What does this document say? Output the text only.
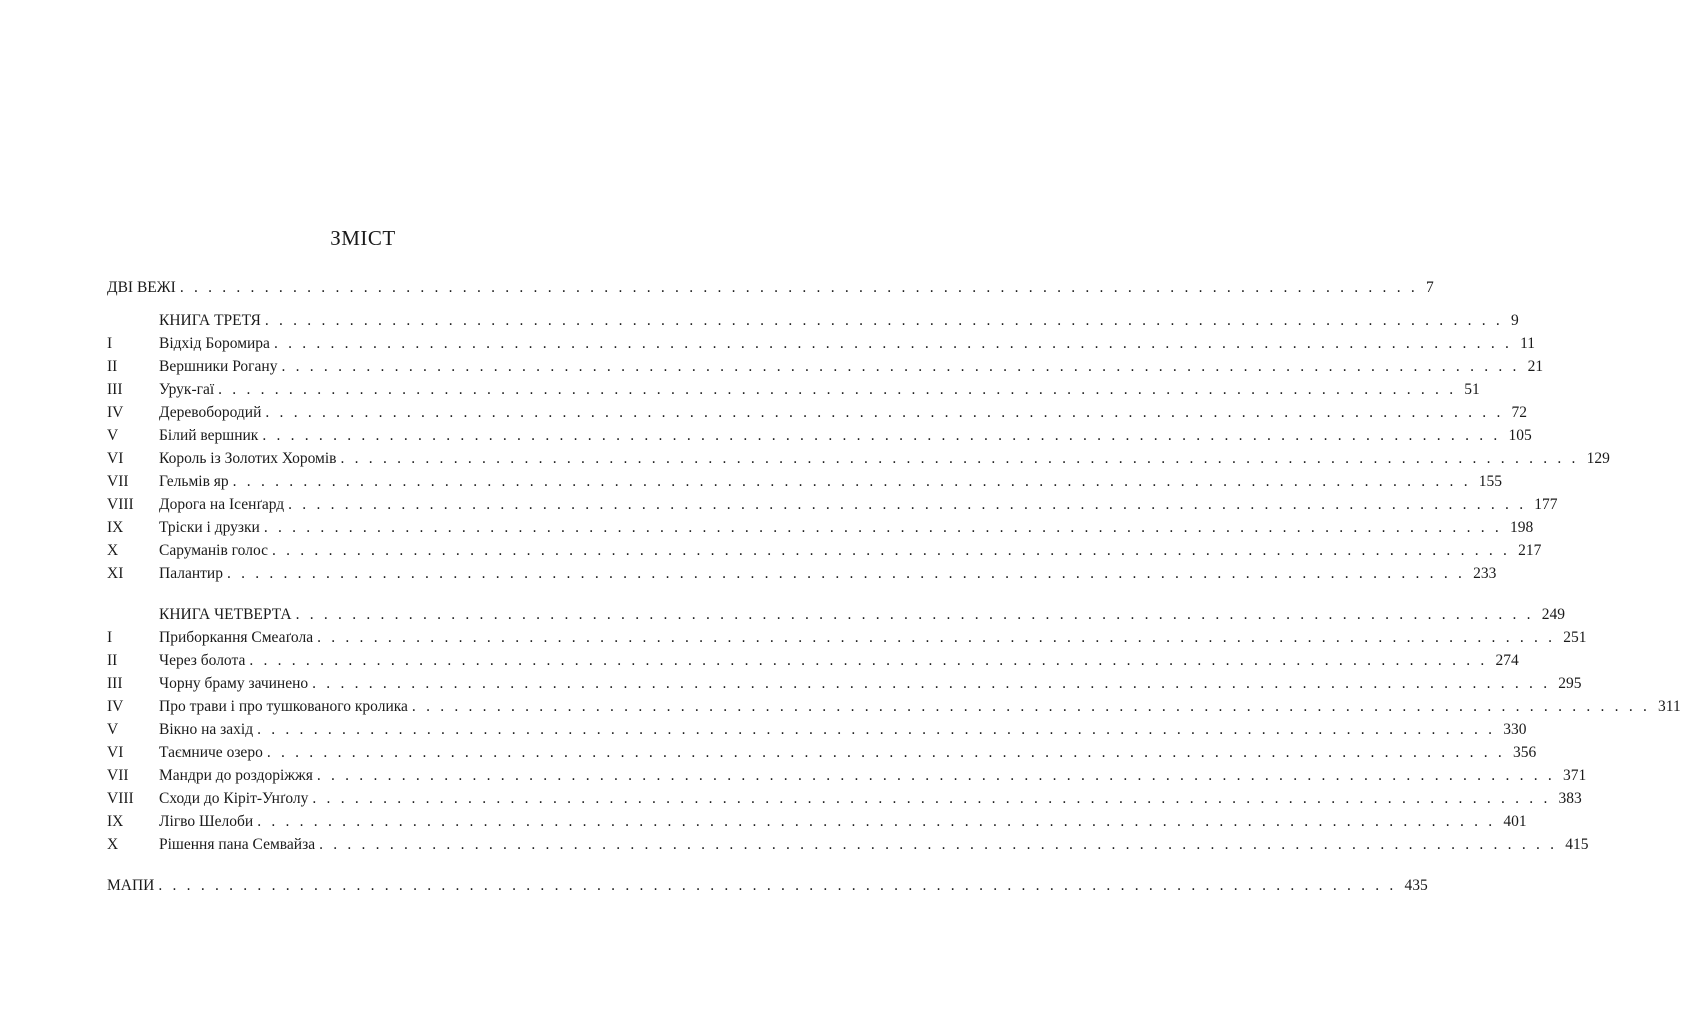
ЗМІСТ
ДВІ ВЕЖІ . . . . . . . . . . . . . . . . . . . . . . . . . . . . . . . . . . . . . . . . . . . . . . . . . . . . . . . . . . . . . . . . . . . . . . . . . . . . . . . . . . . . . . . . 7
КНИГА ТРЕТЯ . . . . . . . . . . . . . . . . . . . . . . . . . . . . . . . . . . . . . . . . . . . . . . . . . . . . . . . . . . . . . . . . . . . . . . . . . . . . . . . . . . . . . . . . 9
I	Відхід Боромира . . . . . . . . . . . . . . . . . . . . . . . . . . . . . . . . . . . . . . . . . . . . . . . . . . . . . . . . . . . . . . . . . . . . . . . . . . . . . . . . . . . . . . . . 11
II	Вершники Рогану . . . . . . . . . . . . . . . . . . . . . . . . . . . . . . . . . . . . . . . . . . . . . . . . . . . . . . . . . . . . . . . . . . . . . . . . . . . . . . . . . . . . . . . . 21
III Урук-гаї . . . . . . . . . . . . . . . . . . . . . . . . . . . . . . . . . . . . . . . . . . . . . . . . . . . . . . . . . . . . . . . . . . . . . . . . . . . . . . . . . . . . . . . . 51
IV Деревобородий . . . . . . . . . . . . . . . . . . . . . . . . . . . . . . . . . . . . . . . . . . . . . . . . . . . . . . . . . . . . . . . . . . . . . . . . . . . . . . . . . . . . . . . . 72
V	Білий вершник . . . . . . . . . . . . . . . . . . . . . . . . . . . . . . . . . . . . . . . . . . . . . . . . . . . . . . . . . . . . . . . . . . . . . . . . . . . . . . . . . . . . . . . . 105
VI Король із Золотих Хоромів . . . . . . . . . . . . . . . . . . . . . . . . . . . . . . . . . . . . . . . . . . . . . . . . . . . . . . . . . . . . . . . . . . . . . . . . . . . . . . . . . . . . . . . . 129
VII Гельмів яр . . . . . . . . . . . . . . . . . . . . . . . . . . . . . . . . . . . . . . . . . . . . . . . . . . . . . . . . . . . . . . . . . . . . . . . . . . . . . . . . . . . . . . . . 155
VIII Дорога на Ісенґард . . . . . . . . . . . . . . . . . . . . . . . . . . . . . . . . . . . . . . . . . . . . . . . . . . . . . . . . . . . . . . . . . . . . . . . . . . . . . . . . . . . . . . . . 177
IX Тріски і друзки . . . . . . . . . . . . . . . . . . . . . . . . . . . . . . . . . . . . . . . . . . . . . . . . . . . . . . . . . . . . . . . . . . . . . . . . . . . . . . . . . . . . . . . . 198
X	Саруманів голос . . . . . . . . . . . . . . . . . . . . . . . . . . . . . . . . . . . . . . . . . . . . . . . . . . . . . . . . . . . . . . . . . . . . . . . . . . . . . . . . . . . . . . . . 217
XI Палантир . . . . . . . . . . . . . . . . . . . . . . . . . . . . . . . . . . . . . . . . . . . . . . . . . . . . . . . . . . . . . . . . . . . . . . . . . . . . . . . . . . . . . . . . 233
КНИГА ЧЕТВЕРТА . . . . . . . . . . . . . . . . . . . . . . . . . . . . . . . . . . . . . . . . . . . . . . . . . . . . . . . . . . . . . . . . . . . . . . . . . . . . . . . . . . . . . . . . 249
I	Приборкання Смеаґола . . . . . . . . . . . . . . . . . . . . . . . . . . . . . . . . . . . . . . . . . . . . . . . . . . . . . . . . . . . . . . . . . . . . . . . . . . . . . . . . . . . . . . . . 251
II	Через болота . . . . . . . . . . . . . . . . . . . . . . . . . . . . . . . . . . . . . . . . . . . . . . . . . . . . . . . . . . . . . . . . . . . . . . . . . . . . . . . . . . . . . . . . 274
III Чорну браму зачинено . . . . . . . . . . . . . . . . . . . . . . . . . . . . . . . . . . . . . . . . . . . . . . . . . . . . . . . . . . . . . . . . . . . . . . . . . . . . . . . . . . . . . . . . 295
IV Про трави і про тушкованого кролика . . . . . . . . . . . . . . . . . . . . . . . . . . . . . . . . . . . . . . . . . . . . . . . . . . . . . . . . . . . . . . . . . . . . . . . . . . . . . . . . . . . . . . . . 311
V	Вікно на захід . . . . . . . . . . . . . . . . . . . . . . . . . . . . . . . . . . . . . . . . . . . . . . . . . . . . . . . . . . . . . . . . . . . . . . . . . . . . . . . . . . . . . . . . 330
VI Таємниче озеро . . . . . . . . . . . . . . . . . . . . . . . . . . . . . . . . . . . . . . . . . . . . . . . . . . . . . . . . . . . . . . . . . . . . . . . . . . . . . . . . . . . . . . . . 356
VII Мандри до роздоріжжя . . . . . . . . . . . . . . . . . . . . . . . . . . . . . . . . . . . . . . . . . . . . . . . . . . . . . . . . . . . . . . . . . . . . . . . . . . . . . . . . . . . . . . . . 371
VIII Сходи до Кіріт-Унґолу . . . . . . . . . . . . . . . . . . . . . . . . . . . . . . . . . . . . . . . . . . . . . . . . . . . . . . . . . . . . . . . . . . . . . . . . . . . . . . . . . . . . . . . . 383
IX Лігво Шелоби . . . . . . . . . . . . . . . . . . . . . . . . . . . . . . . . . . . . . . . . . . . . . . . . . . . . . . . . . . . . . . . . . . . . . . . . . . . . . . . . . . . . . . . . 401
X	Рішення пана Семвайза . . . . . . . . . . . . . . . . . . . . . . . . . . . . . . . . . . . . . . . . . . . . . . . . . . . . . . . . . . . . . . . . . . . . . . . . . . . . . . . . . . . . . . . . 415
МАПИ . . . . . . . . . . . . . . . . . . . . . . . . . . . . . . . . . . . . . . . . . . . . . . . . . . . . . . . . . . . . . . . . . . . . . . . . . . . . . . . . . . . . . . . . 435
